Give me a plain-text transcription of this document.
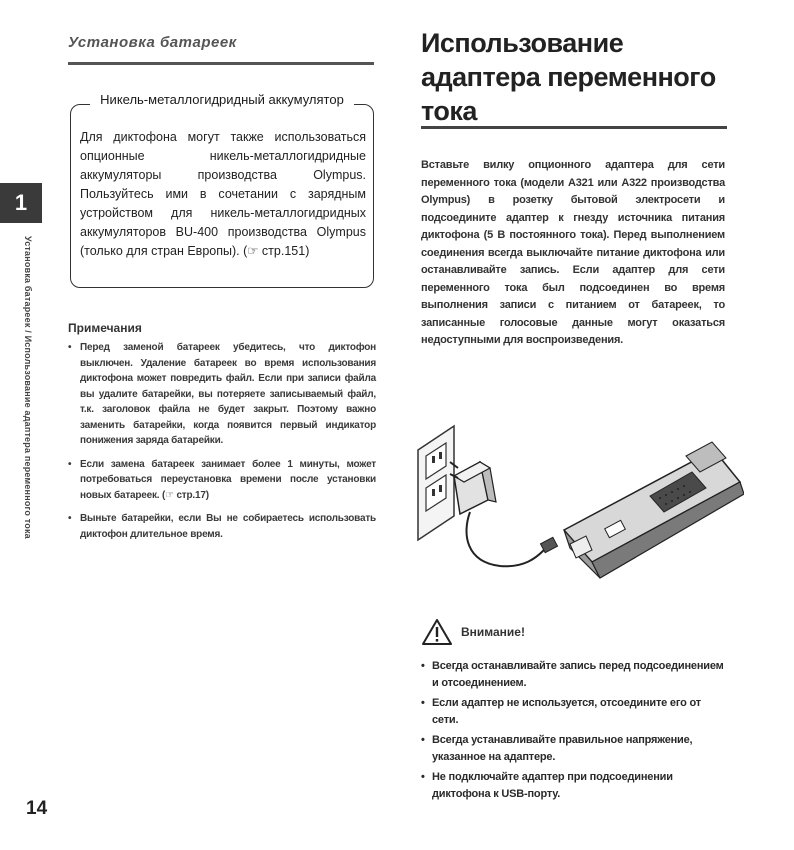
Установка батареек
Никель-металлогидридный аккумулятор
Для диктофона могут также использоваться опционные никель-металлогидридные аккумуляторы производства Olympus. Пользуйтесь ими в сочетании с зарядным устройством для никель-металлогидридных аккумуляторов BU-400 производства Olympus (только для стран Европы). (☞ стр.151)
Примечания
• Перед заменой батареек убедитесь, что диктофон выключен. Удаление батареек во время использования диктофона может повредить файл. Если при записи файла вы удалите батарейки, вы потеряете записываемый файл, т.к. заголовок файла не будет закрыт. Поэтому важно заменить батарейки, когда появится первый индикатор понижения заряда батарейки.
• Если замена батареек занимает более 1 минуты, может потребоваться переустановка времени после установки новых батареек. (☞ стр.17)
• Выньте батарейки, если Вы не собираетесь использовать диктофон длительное время.
1
Установка батареек / Использование адаптера переменного тока
14
Использование адаптера переменного тока
Вставьте вилку опционного адаптера для сети переменного тока (модели A321 или A322 производства Olympus) в розетку бытовой электросети и подсоедините адаптер к гнезду источника питания диктофона (5 В постоянного тока). Перед выполнением соединения всегда выключайте питание диктофона или останавливайте запись. Если адаптер для сети переменного тока был подсоединен во время выполнения записи с питанием от батареек, то записанные голосовые данные могут оказаться недоступными для воспроизведения.
Внимание!
• Всегда останавливайте запись перед подсоединением и отсоединением.
• Если адаптер не используется, отсоедините его от сети.
• Всегда устанавливайте правильное напряжение, указанное на адаптере.
• Не подключайте адаптер при подсоединении диктофона к USB-порту.
